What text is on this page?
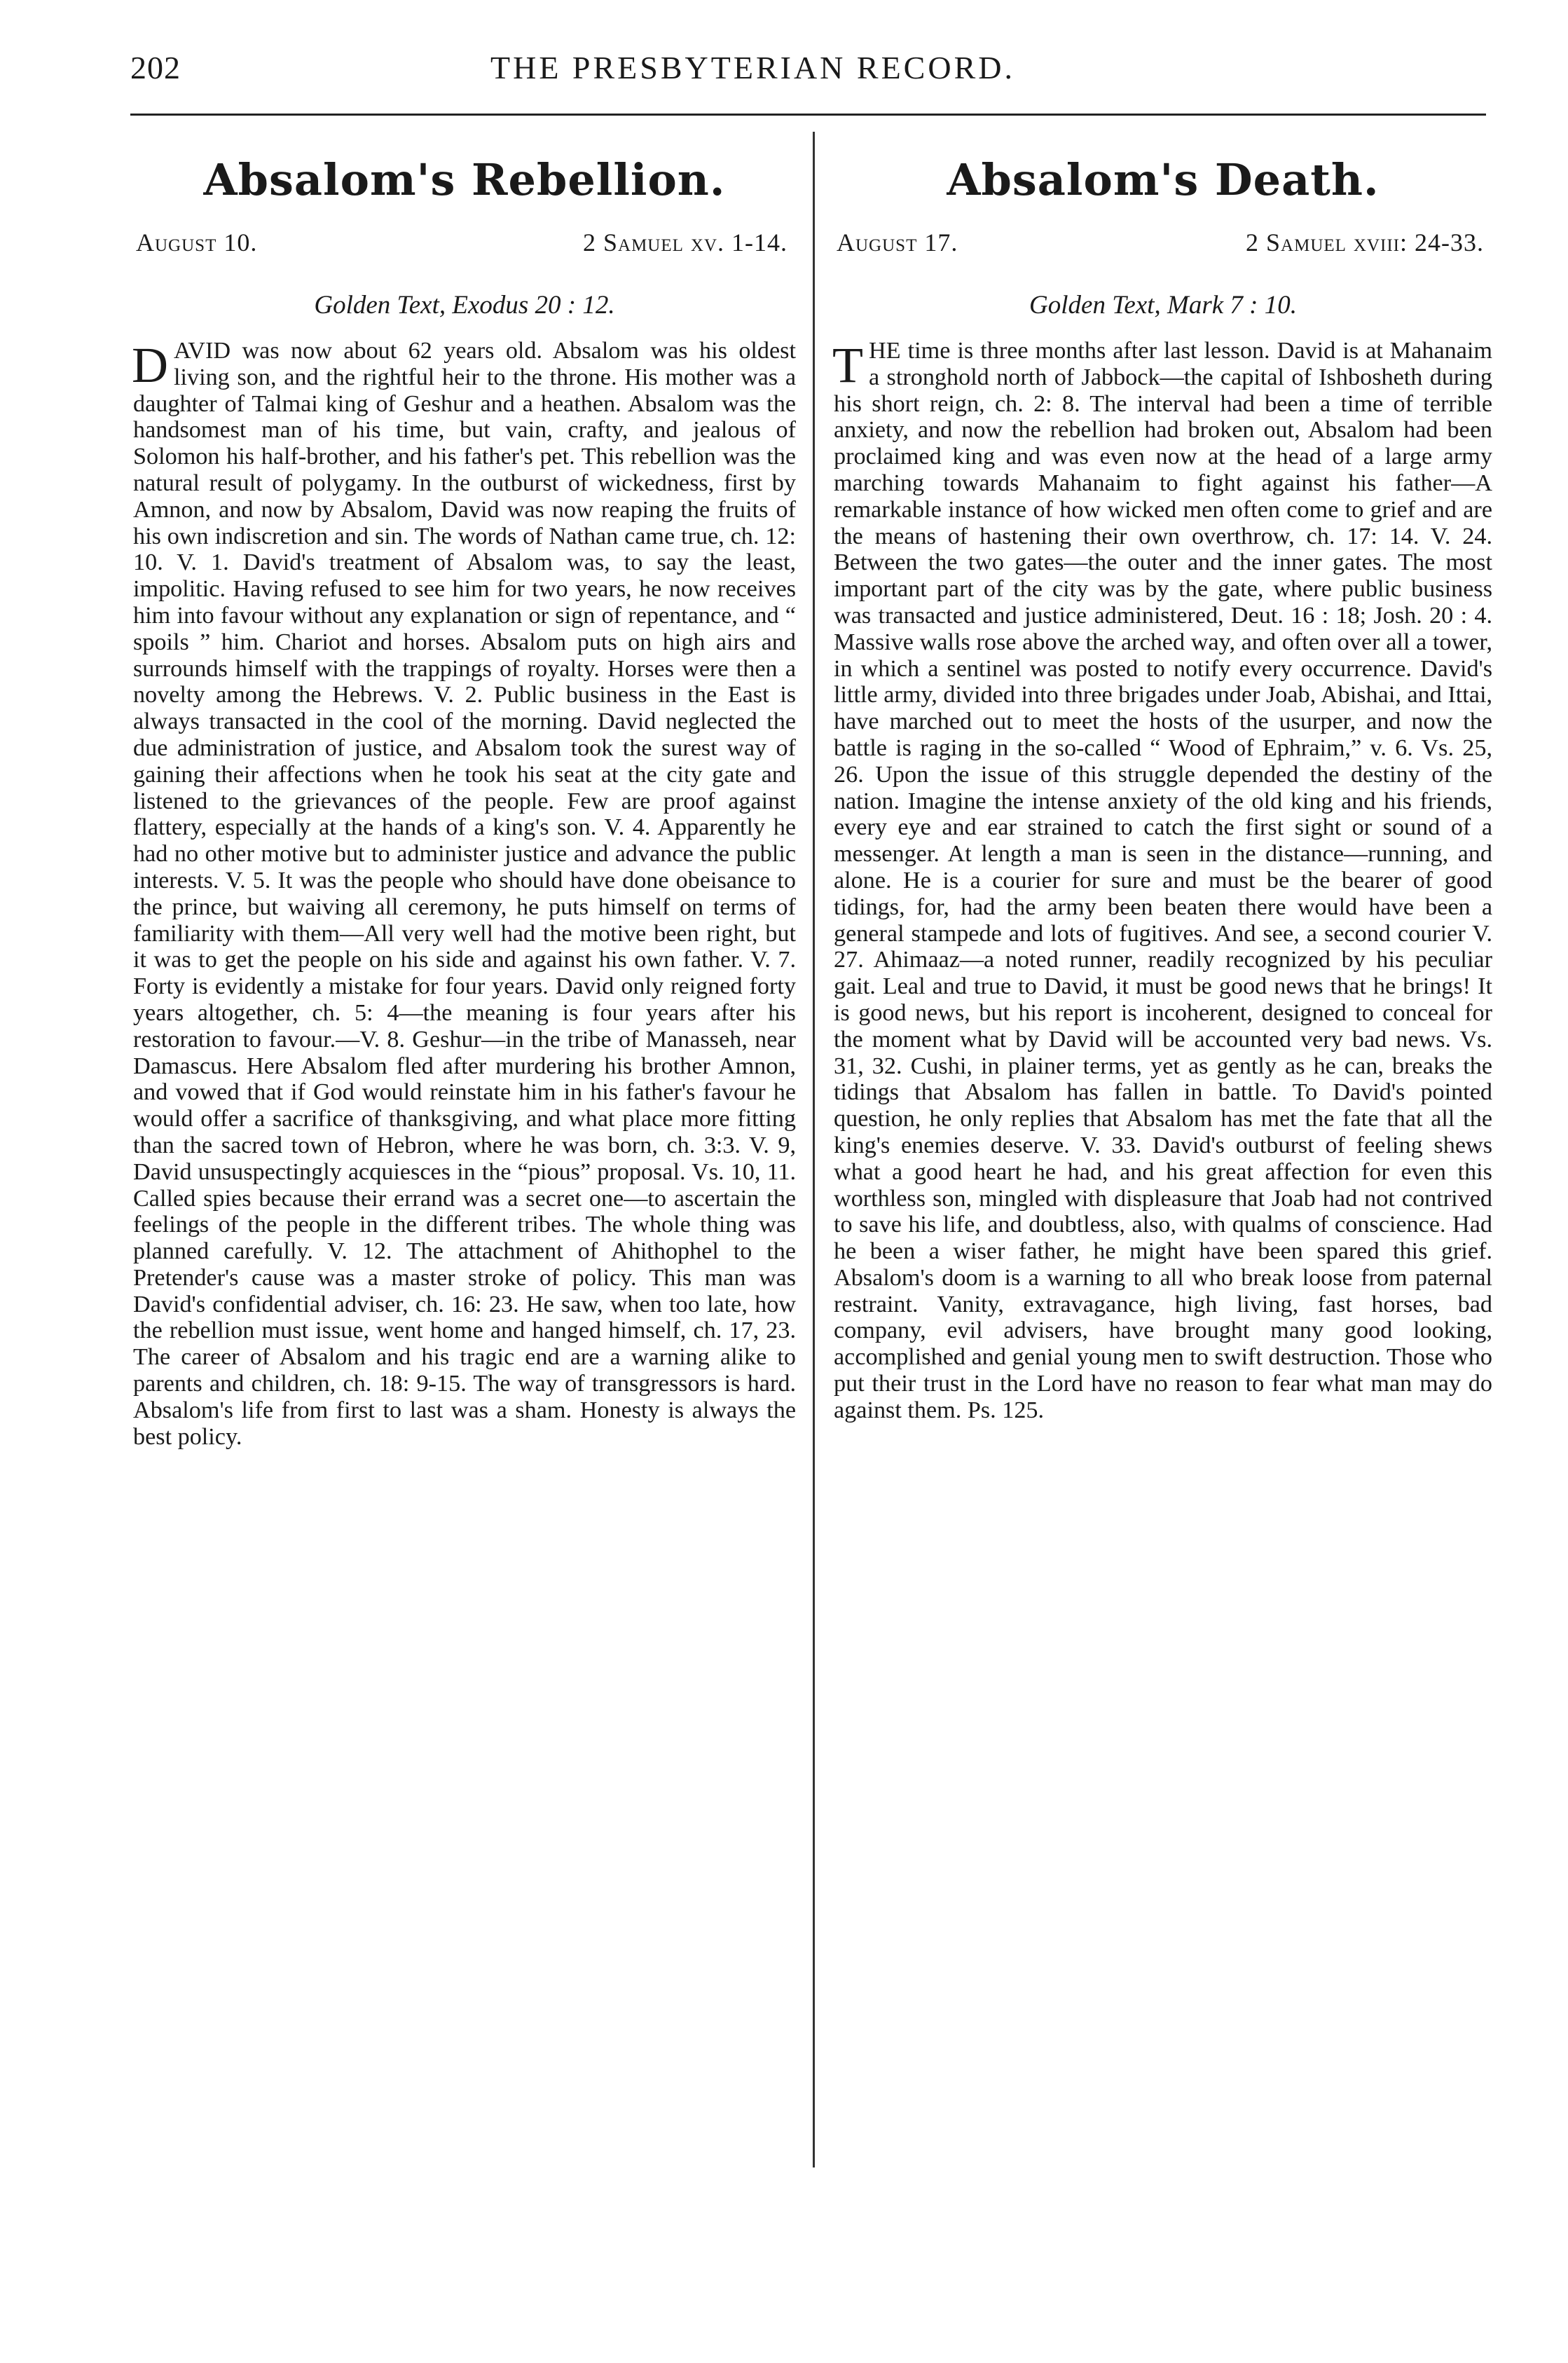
202	THE PRESBYTERIAN RECORD.
Absalom's Rebellion.
August 10.	2 Samuel xv. 1-14.
Golden Text, Exodus 20 : 12.

DAVID was now about 62 years old. Absalom was his oldest living son, and the rightful heir to the throne. His mother was a daughter of Talmai king of Geshur and a heathen. Absalom was the handsomest man of his time, but vain, crafty, and jealous of Solomon his half-brother, and his father's pet. This rebellion was the natural result of polygamy. In the outburst of wickedness, first by Amnon, and now by Absalom, David was now reaping the fruits of his own indiscretion and sin. The words of Nathan came true, ch. 12: 10. V. 1. David's treatment of Absalom was, to say the least, impolitic. Having refused to see him for two years, he now receives him into favour without any explanation or sign of repentance, and “ spoils ” him. Chariot and horses. Absalom puts on high airs and surrounds himself with the trappings of royalty. Horses were then a novelty among the Hebrews. V. 2. Public business in the East is always transacted in the cool of the morning. David neglected the due administration of justice, and Absalom took the surest way of gaining their affections when he took his seat at the city gate and listened to the grievances of the people. Few are proof against flattery, especially at the hands of a king's son. V. 4. Apparently he had no other motive but to administer justice and advance the public interests. V. 5. It was the people who should have done obeisance to the prince, but waiving all ceremony, he puts himself on terms of familiarity with them—All very well had the motive been right, but it was to get the people on his side and against his own father. V. 7. Forty is evidently a mistake for four years. David only reigned forty years altogether, ch. 5: 4—the meaning is four years after his restoration to favour.—V. 8. Geshur—in the tribe of Manasseh, near Damascus. Here Absalom fled after murdering his brother Amnon, and vowed that if God would reinstate him in his father's favour he would offer a sacrifice of thanksgiving, and what place more fitting than the sacred town of Hebron, where he was born, ch. 3:3. V. 9, David unsuspectingly acquiesces in the “pious” proposal. Vs. 10, 11. Called spies because their errand was a secret one—to ascertain the feelings of the people in the different tribes. The whole thing was planned carefully. V. 12. The attachment of Ahithophel to the Pretender's cause was a master stroke of policy. This man was David's confidential adviser, ch. 16: 23. He saw, when too late, how the rebellion must issue, went home and hanged himself, ch. 17, 23. The career of Absalom and his tragic end are a warning alike to parents and children, ch. 18: 9-15. The way of transgressors is hard. Absalom's life from first to last was a sham. Honesty is always the best policy.

Absalom's Death.
August 17.	2 Samuel xviii: 24-33.
Golden Text, Mark 7 : 10.

THE time is three months after last lesson. David is at Mahanaim a stronghold north of Jabbock—the capital of Ishbosheth during his short reign, ch. 2: 8. The interval had been a time of terrible anxiety, and now the rebellion had broken out, Absalom had been proclaimed king and was even now at the head of a large army marching towards Mahanaim to fight against his father—A remarkable instance of how wicked men often come to grief and are the means of hastening their own overthrow, ch. 17: 14. V. 24. Between the two gates—the outer and the inner gates. The most important part of the city was by the gate, where public business was transacted and justice administered, Deut. 16 : 18; Josh. 20 : 4. Massive walls rose above the arched way, and often over all a tower, in which a sentinel was posted to notify every occurrence. David's little army, divided into three brigades under Joab, Abishai, and Ittai, have marched out to meet the hosts of the usurper, and now the battle is raging in the so-called “ Wood of Ephraim,” v. 6. Vs. 25, 26. Upon the issue of this struggle depended the destiny of the nation. Imagine the intense anxiety of the old king and his friends, every eye and ear strained to catch the first sight or sound of a messenger. At length a man is seen in the distance—running, and alone. He is a courier for sure and must be the bearer of good tidings, for, had the army been beaten there would have been a general stampede and lots of fugitives. And see, a second courier V. 27. Ahimaaz—a noted runner, readily recognized by his peculiar gait. Leal and true to David, it must be good news that he brings! It is good news, but his report is incoherent, designed to conceal for the moment what by David will be accounted very bad news. Vs. 31, 32. Cushi, in plainer terms, yet as gently as he can, breaks the tidings that Absalom has fallen in battle. To David's pointed question, he only replies that Absalom has met the fate that all the king's enemies deserve. V. 33. David's outburst of feeling shews what a good heart he had, and his great affection for even this worthless son, mingled with displeasure that Joab had not contrived to save his life, and doubtless, also, with qualms of conscience. Had he been a wiser father, he might have been spared this grief. Absalom's doom is a warning to all who break loose from paternal restraint. Vanity, extravagance, high living, fast horses, bad company, evil advisers, have brought many good looking, accomplished and genial young men to swift destruction. Those who put their trust in the Lord have no reason to fear what man may do against them. Ps. 125.
